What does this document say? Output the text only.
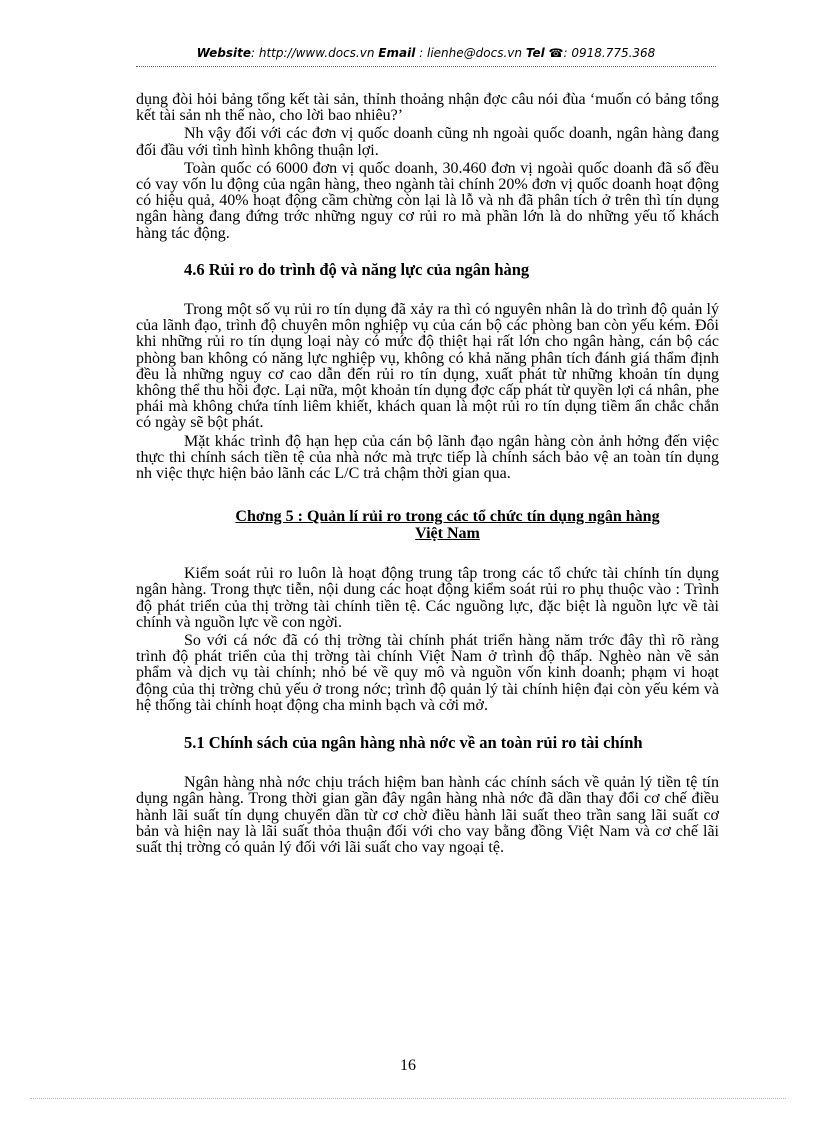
Website: http://www.docs.vn Email : lienhe@docs.vn Tel ☎: 0918.775.368

dụng đòi hỏi bảng tổng kết tài sản, thỉnh thoảng nhận đợc câu nói đùa ‘muốn có bảng tổng kết tài sản nh thế nào, cho lời bao nhiêu?’

Nh vậy đối với các đơn vị quốc doanh cũng nh ngoài quốc doanh, ngân hàng đang đối đầu với tình hình không thuận lợi.

Toàn quốc có 6000 đơn vị quốc doanh, 30.460 đơn vị ngoài quốc doanh đã số đều có vay vốn lu động của ngân hàng, theo ngành tài chính 20% đơn vị quốc doanh hoạt động có hiệu quả, 40% hoạt động cầm chừng còn lại là lỗ và nh đã phân tích ở trên thì tín dụng ngân hàng đang đứng trớc những nguy cơ rủi ro mà phần lớn là do những yếu tố khách hàng tác động.

4.6 Rủi ro do trình độ và năng lực của ngân hàng

Trong một số vụ rủi ro tín dụng đã xảy ra thì có nguyên nhân là do trình độ quản lý của lãnh đạo, trình độ chuyên môn nghiệp vụ của cán bộ các phòng ban còn yếu kém. Đôi khi những rủi ro tín dụng loại này có mức độ thiệt hại rất lớn cho ngân hàng, cán bộ các phòng ban không có năng lực nghiệp vụ, không có khả năng phân tích đánh giá thẩm định đều là những nguy cơ cao dẫn đến rủi ro tín dụng, xuất phát từ những khoản tín dụng không thể thu hồi đợc. Lại nữa, một khoản tín dụng đợc cấp phát từ quyền lợi cá nhân, phe phái mà không chứa tính liêm khiết, khách quan là một rủi ro tín dụng tiềm ẩn chắc chắn có ngày sẽ bột phát.

Mặt khác trình độ hạn hẹp của cán bộ lãnh đạo ngân hàng còn ảnh hởng đến việc thực thi chính sách tiền tệ của nhà nớc mà trực tiếp là chính sách bảo vệ an toàn tín dụng nh việc thực hiện bảo lãnh các L/C trả chậm thời gian qua.

Chơng 5 : Quản lí rủi ro trong các tổ chức tín dụng ngân hàng
Việt Nam

Kiểm soát rủi ro luôn là hoạt động trung tâp trong các tổ chức tài chính tín dụng ngân hàng. Trong thực tiễn, nội dung các hoạt động kiểm soát rủi ro phụ thuộc vào : Trình độ phát triển của thị trờng tài chính tiền tệ. Các nguồng lực, đặc biệt là nguồn lực về tài chính và nguồn lực về con ngời.

So với cá nớc đã có thị trờng tài chính phát triển hàng năm trớc đây thì rõ ràng trình độ phát triển của thị trờng tài chính Việt Nam ở trình độ thấp. Nghèo nàn về sản phẩm và dịch vụ tài chính; nhỏ bé về quy mô và nguồn vốn kinh doanh; phạm vi hoạt động của thị trờng chủ yếu ở trong nớc; trình độ quản lý tài chính hiện đại còn yếu kém và hệ thống tài chính hoạt động cha minh bạch và cởi mở.

5.1 Chính sách của ngân hàng nhà nớc về an toàn rủi ro tài chính

Ngân hàng nhà nớc chịu trách hiệm ban hành các chính sách về quản lý tiền tệ tín dụng ngân hàng. Trong thời gian gần đây ngân hàng nhà nớc đã dần thay đổi cơ chế điều hành lãi suất tín dụng chuyển dần từ cơ chờ điều hành lãi suất theo trần sang lãi suất cơ bản và hiện nay là lãi suất thỏa thuận đối với cho vay bằng đồng Việt Nam và cơ chế lãi suất thị trờng có quản lý đối với lãi suất cho vay ngoại tệ.

16
